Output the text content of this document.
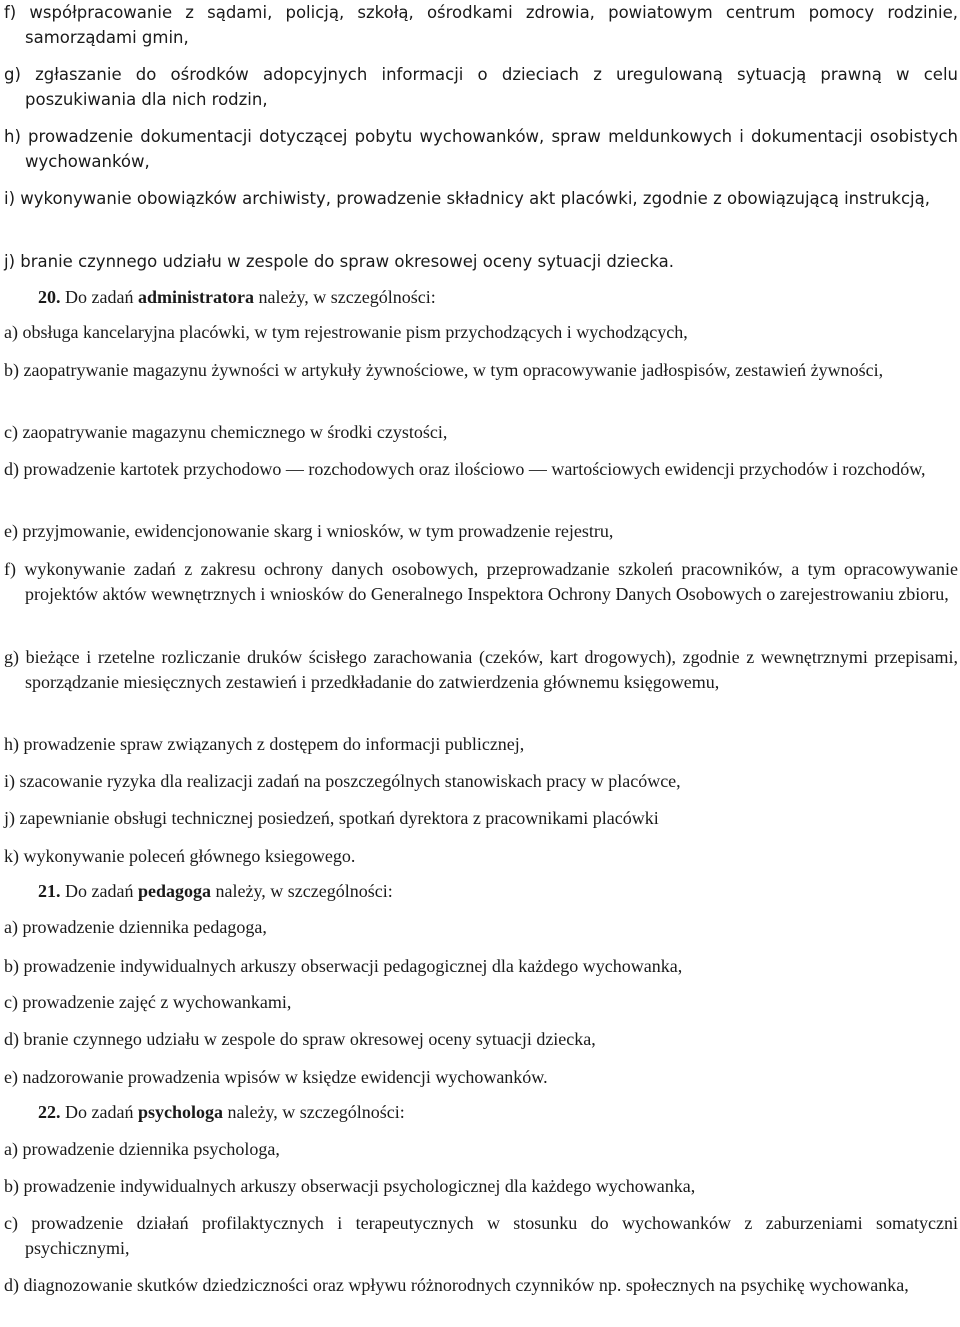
f) współpracowanie z sądami, policją, szkołą, ośrodkami zdrowia, powiatowym centrum pomocy rodzinie, samorządami gmin,
g) zgłaszanie do ośrodków adopcyjnych informacji o dzieciach z uregulowaną sytuacją prawną w celu poszukiwania dla nich rodzin,
h) prowadzenie dokumentacji dotyczącej pobytu wychowanków, spraw meldunkowych i dokumentacji osobistych wychowanków,
i) wykonywanie obowiązków archiwisty, prowadzenie składnicy akt placówki, zgodnie z obowiązującą instrukcją,
j) branie czynnego udziału w zespole do spraw okresowej oceny sytuacji dziecka.
20. Do zadań administratora należy, w szczególności:
a) obsługa kancelaryjna placówki, w tym rejestrowanie pism przychodzących i wychodzących,
b) zaopatrywanie magazynu żywności w artykuły żywnościowe, w tym opracowywanie jadłospisów, zestawień żywności,
c) zaopatrywanie magazynu chemicznego w środki czystości,
d) prowadzenie kartotek przychodowo — rozchodowych oraz ilościowo — wartościowych ewidencji przychodów i rozchodów,
e) przyjmowanie, ewidencjonowanie skarg i wniosków, w tym prowadzenie rejestru,
f) wykonywanie zadań z zakresu ochrony danych osobowych, przeprowadzanie szkoleń pracowników, a tym opracowywanie projektów aktów wewnętrznych i wniosków do Generalnego Inspektora Ochrony Danych Osobowych o zarejestrowaniu zbioru,
g) bieżące i rzetelne rozliczanie druków ścisłego zarachowania (czeków, kart drogowych), zgodnie z wewnętrznymi przepisami, sporządzanie miesięcznych zestawień i przedkładanie do zatwierdzenia głównemu księgowemu,
h) prowadzenie spraw związanych z dostępem do informacji publicznej,
i) szacowanie ryzyka dla realizacji zadań na poszczególnych stanowiskach pracy w placówce,
j) zapewnianie obsługi technicznej posiedzeń, spotkań dyrektora z pracownikami placówki
k) wykonywanie poleceń głównego ksiegowego.
21. Do zadań pedagoga należy, w szczególności:
a) prowadzenie dziennika pedagoga,
b) prowadzenie indywidualnych arkuszy obserwacji pedagogicznej dla każdego wychowanka,
c) prowadzenie zajęć z wychowankami,
d) branie czynnego udziału w zespole do spraw okresowej oceny sytuacji dziecka,
e) nadzorowanie prowadzenia wpisów w księdze ewidencji wychowanków.
22. Do zadań psychologa należy, w szczególności:
a) prowadzenie dziennika psychologa,
b) prowadzenie indywidualnych arkuszy obserwacji psychologicznej dla każdego wychowanka,
c) prowadzenie działań profilaktycznych i terapeutycznych w stosunku do wychowanków z zaburzeniami somatyczni psychicznymi,
d) diagnozowanie skutków dziedziczności oraz wpływu różnorodnych czynników np. społecznych na psychikę wychowanka,
